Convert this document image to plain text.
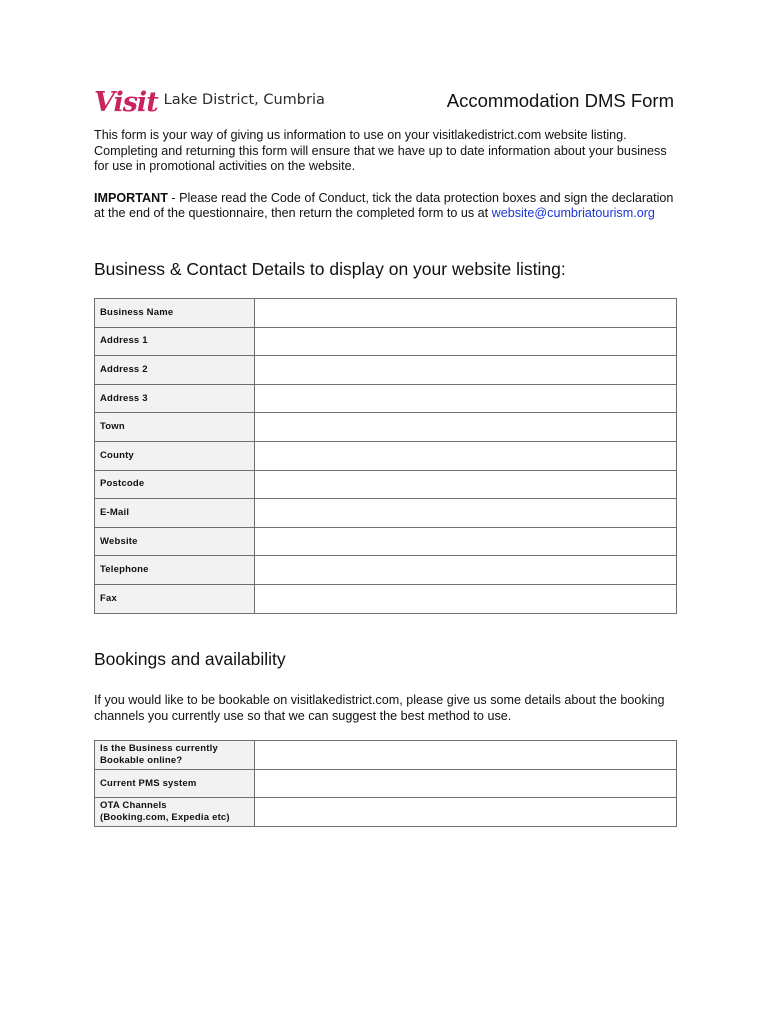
Visit Lake District, Cumbria	Accommodation DMS Form

This form is your way of giving us information to use on your visitlakedistrict.com website listing. Completing and returning this form will ensure that we have up to date information about your business for use in promotional activities on the website.

IMPORTANT - Please read the Code of Conduct, tick the data protection boxes and sign the declaration at the end of the questionnaire, then return the completed form to us at website@cumbriatourism.org

Business & Contact Details to display on your website listing:
Business Name	

Address 1	

Address 2	

Address 3	

Town	

County	

Postcode	

E-Mail	

Website	

Telephone	

Fax	
Bookings and availability

If you would like to be bookable on visitlakedistrict.com, please give us some details about the booking channels you currently use so that we can suggest the best method to use.

Is the Business currently
Bookable online?	

Current PMS system	

OTA Channels
(Booking.com, Expedia etc)	
